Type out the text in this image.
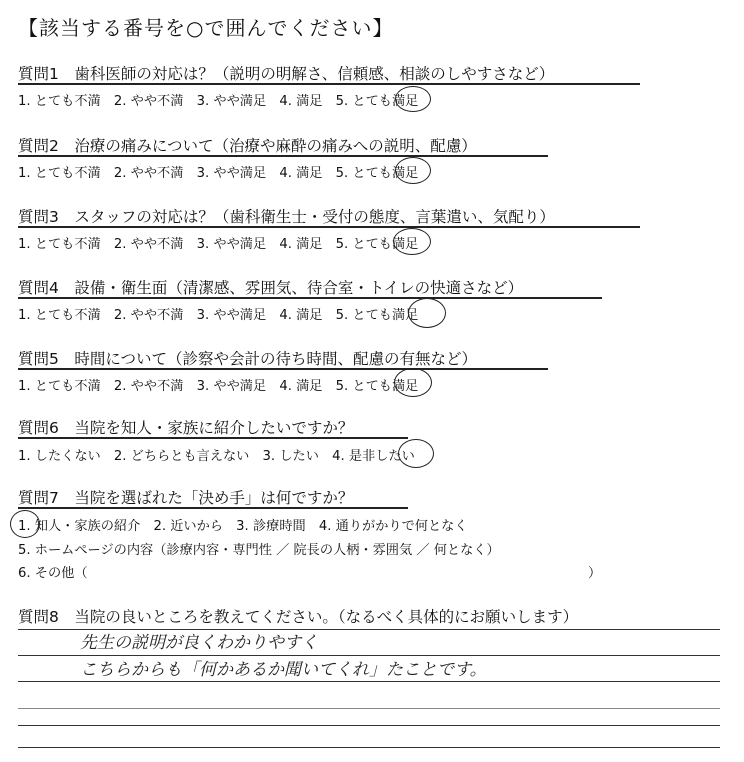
【該当する番号を○で囲んでください】
質問1　歯科医師の対応は？（説明の明解さ、信頼感、相談のしやすさなど）
1. とても不満　2. やや不満　3. やや満足　4. 満足　5. とても満足
質問2　治療の痛みについて（治療や麻酔の痛みへの説明、配慮）
1. とても不満　2. やや不満　3. やや満足　4. 満足　5. とても満足
質問3　スタッフの対応は？（歯科衛生士・受付の態度、言葉遣い、気配り）
1. とても不満　2. やや不満　3. やや満足　4. 満足　5. とても満足
質問4　設備・衛生面（清潔感、雰囲気、待合室・トイレの快適さなど）
1. とても不満　2. やや不満　3. やや満足　4. 満足　5. とても満足
質問5　時間について（診察や会計の待ち時間、配慮の有無など）
1. とても不満　2. やや不満　3. やや満足　4. 満足　5. とても満足
質問6　当院を知人・家族に紹介したいですか？
1. したくない　2. どちらとも言えない　3. したい　4. 是非したい
質問7　当院を選ばれた「決め手」は何ですか？
1. 知人・家族の紹介　2. 近いから　3. 診療時間　4. 通りがかりで何となく
5. ホームページの内容（診療内容・専門性 ／ 院長の人柄・雰囲気 ／ 何となく）
6. その他（	）
質問8　当院の良いところを教えてください。（なるべく具体的にお願いします）
先生の説明が良くわかりやすく
こちらからも「何かあるか聞いてくれ」たことです。
